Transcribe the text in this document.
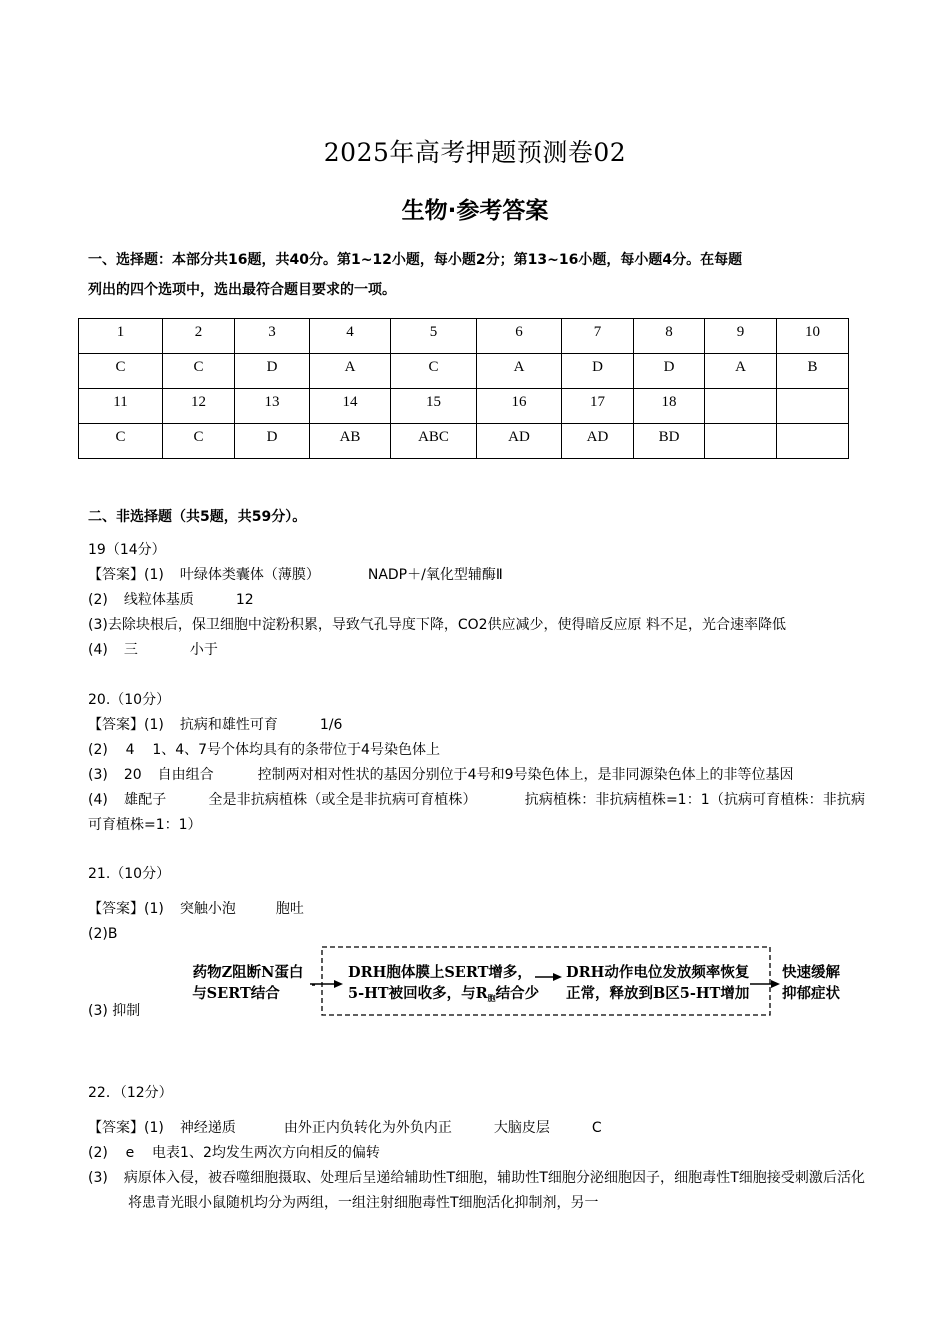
2025年高考押题预测卷02
生物·参考答案
一、选择题：本部分共16题，共40分。第1~12小题，每小题2分；第13~16小题，每小题4分。在每题
列出的四个选项中，选出最符合题目要求的一项。
1	2	3	4	5	6	7	8	9	10
C	C	D	A	C	A	D	D	A	B
11	12	13	14	15	16	17	18		
C	C	D	AB	ABC	AD	AD	BD		
二、非选择题（共5题，共59分）。
19（14分）
【答案】(1) 叶绿体类囊体（薄膜）	NADP＋/氧化型辅酶Ⅱ
(2) 线粒体基质	12
(3)去除块根后，保卫细胞中淀粉积累，导致气孔导度下降，CO2供应减少，使得暗反应原 料不足，光合速率降低
(4) 三	小于
20.（10分）
【答案】(1) 抗病和雄性可育	1/6
(2)    4    1、4、7号个体均具有的条带位于4号染色体上
(3) 20 自由组合	控制两对相对性状的基因分别位于4号和9号染色体上，是非同源染色体上的非等位基因
(4) 雄配子	全是非抗病植株（或全是非抗病可育植株）	抗病植株：非抗病植株=1：1（抗病可育植株：非抗病可育植株=1：1）
21.（10分）
【答案】(1) 突触小泡	胞吐
(2)B
(3) 抑制
药物Z阻断N蛋白
与SERT结合
DRH胞体膜上SERT增多，
5-HT被回收多，与$R_胞$结合少
DRH动作电位发放频率恢复
正常，释放到B区5-HT增加
快速缓解
抑郁症状
22．（12分）
【答案】(1) 神经递质	由外正内负转化为外负内正	大脑皮层	C
(2)    e    电表1、2均发生两次方向相反的偏转
(3) 病原体入侵，被吞噬细胞摄取、处理后呈递给辅助性T细胞，辅助性T细胞分泌细胞因子，细胞毒性T细胞接受刺激后活化将患青光眼小鼠随机均分为两组，一组注射细胞毒性T细胞活化抑制剂，另一
